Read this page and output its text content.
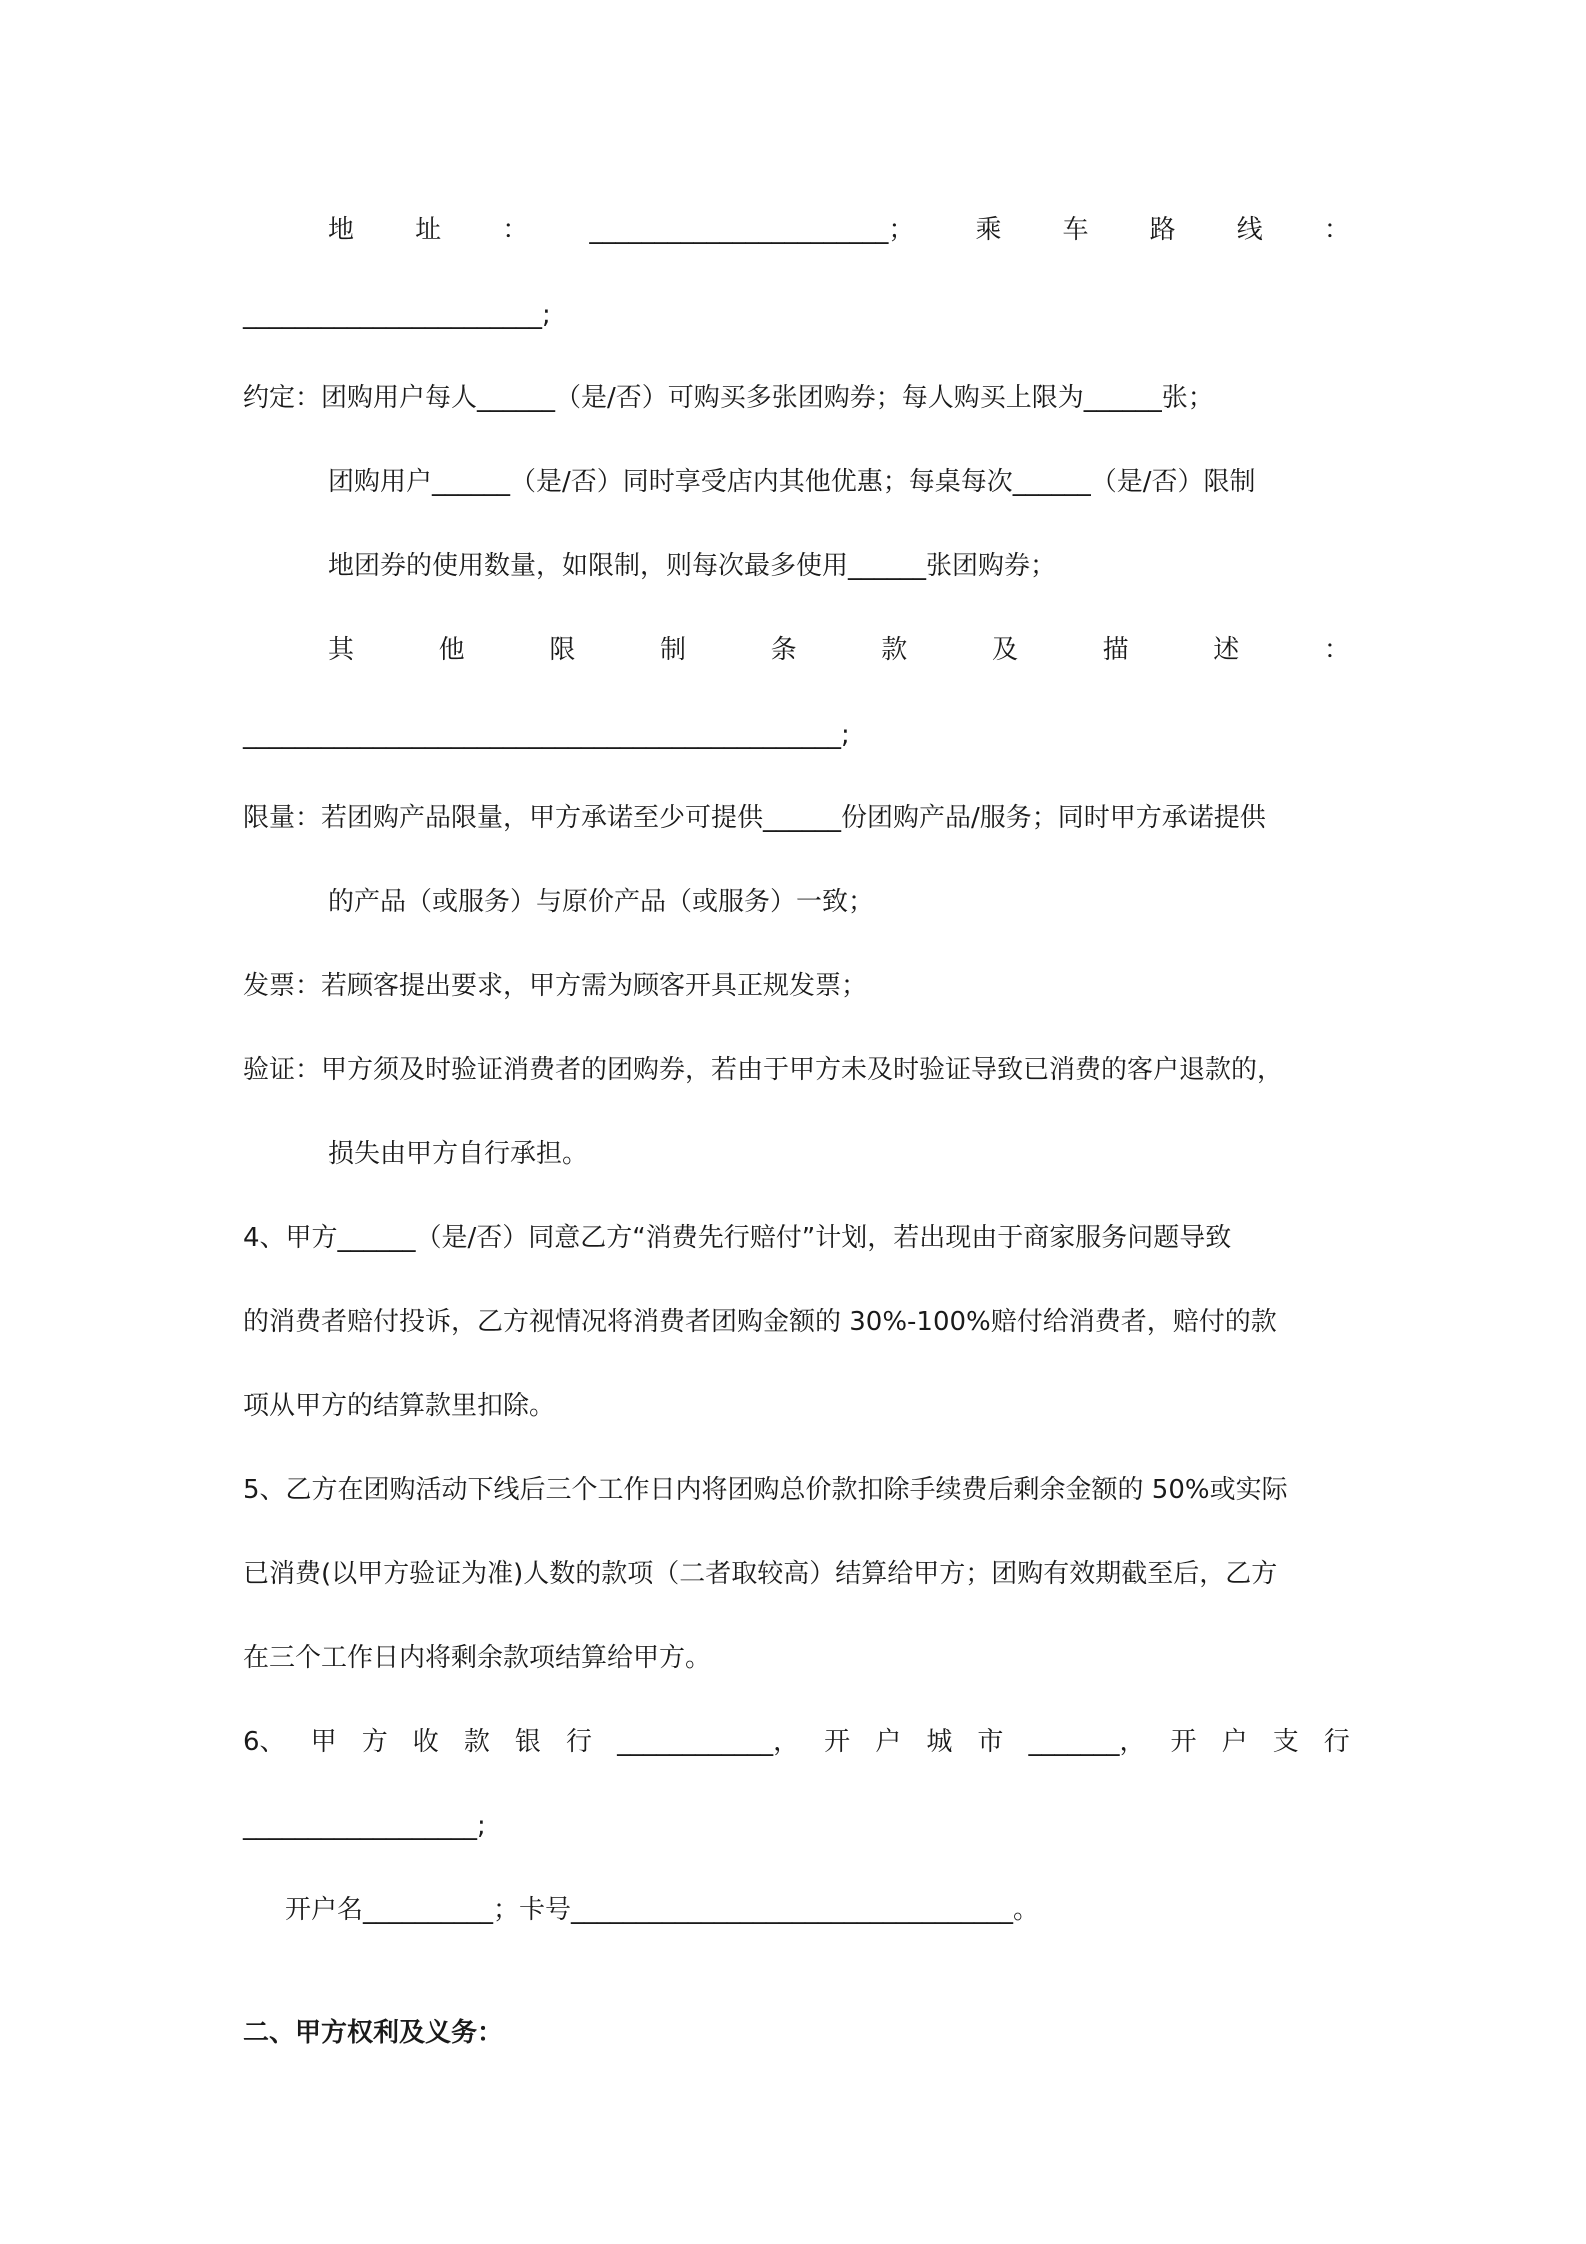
地 址 ： _______________________； 乘 车 路 线 ：
_______________________;
约定：团购用户每人______（是/否）可购买多张团购券；每人购买上限为______张；
团购用户______（是/否）同时享受店内其他优惠；每桌每次______（是/否）限制
地团券的使用数量，如限制，则每次最多使用______张团购券；
其	他	限	制	条	款	及	描	述	：
______________________________________________;
限量：若团购产品限量，甲方承诺至少可提供______份团购产品/服务；同时甲方承诺提供
的产品（或服务）与原价产品（或服务）一致；
发票：若顾客提出要求，甲方需为顾客开具正规发票；
验证：甲方须及时验证消费者的团购券，若由于甲方未及时验证导致已消费的客户退款的，
损失由甲方自行承担。
4、甲方______（是/否）同意乙方“消费先行赔付”计划，若出现由于商家服务问题导致
的消费者赔付投诉，乙方视情况将消费者团购金额的 30%-100%赔付给消费者，赔付的款
项从甲方的结算款里扣除。
5、乙方在团购活动下线后三个工作日内将团购总价款扣除手续费后剩余金额的 50%或实际
已消费(以甲方验证为准)人数的款项（二者取较高）结算给甲方；团购有效期截至后，乙方
在三个工作日内将剩余款项结算给甲方。
6、 甲 方 收 款 银 行 ____________， 开 户 城 市 _______， 开 户 支 行
__________________;
开户名__________；卡号__________________________________。
二、甲方权利及义务：
